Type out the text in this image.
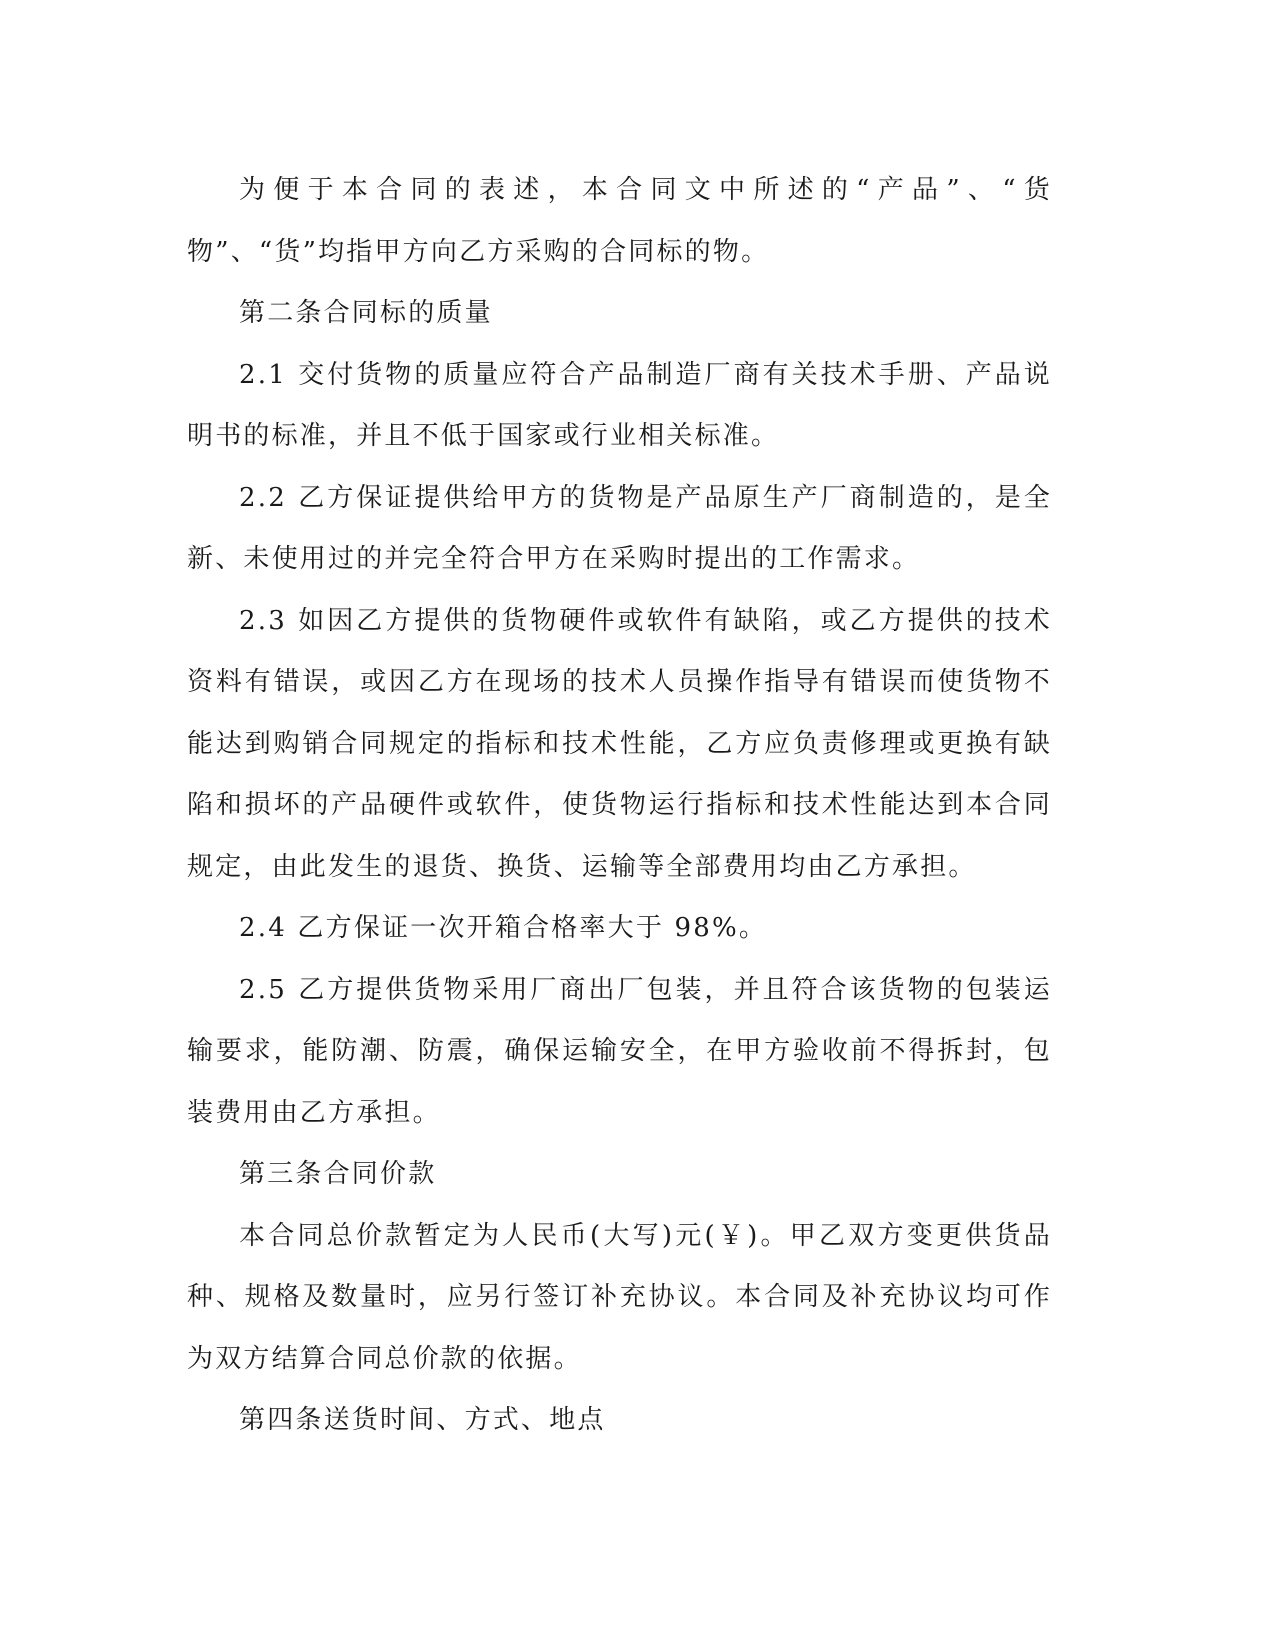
为便于本合同的表述，本合同文中所述的“产品”、“货物”、“货”均指甲方向乙方采购的合同标的物。

第二条合同标的质量

2.1 交付货物的质量应符合产品制造厂商有关技术手册、产品说明书的标准，并且不低于国家或行业相关标准。

2.2 乙方保证提供给甲方的货物是产品原生产厂商制造的，是全新、未使用过的并完全符合甲方在采购时提出的工作需求。

2.3 如因乙方提供的货物硬件或软件有缺陷，或乙方提供的技术资料有错误，或因乙方在现场的技术人员操作指导有错误而使货物不能达到购销合同规定的指标和技术性能，乙方应负责修理或更换有缺陷和损坏的产品硬件或软件，使货物运行指标和技术性能达到本合同规定，由此发生的退货、换货、运输等全部费用均由乙方承担。

2.4 乙方保证一次开箱合格率大于 98%。

2.5 乙方提供货物采用厂商出厂包装，并且符合该货物的包装运输要求，能防潮、防震，确保运输安全，在甲方验收前不得拆封，包装费用由乙方承担。

第三条合同价款

本合同总价款暂定为人民币(大写)元(￥)。甲乙双方变更供货品种、规格及数量时，应另行签订补充协议。本合同及补充协议均可作为双方结算合同总价款的依据。

第四条送货时间、方式、地点
